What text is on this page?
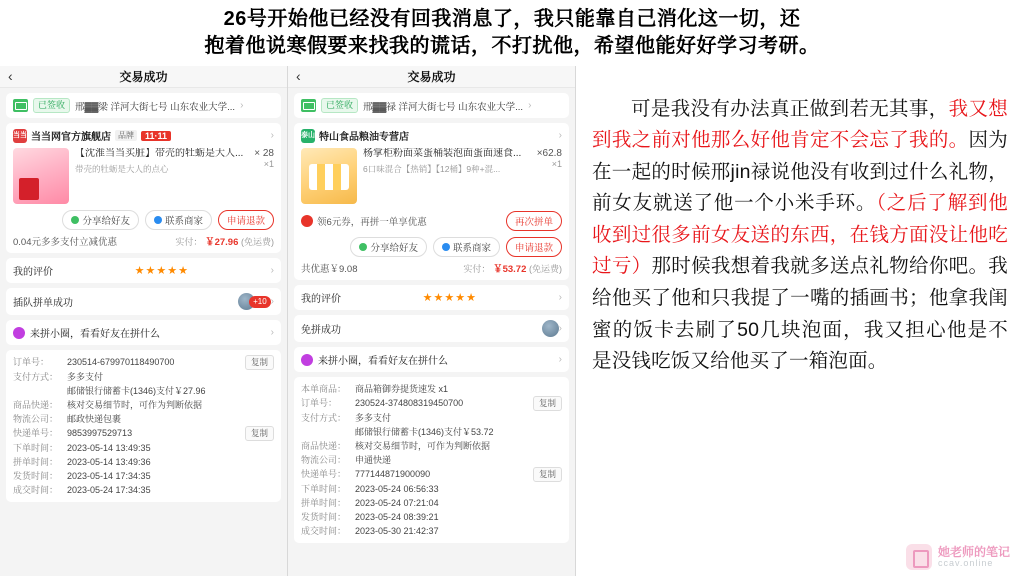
26号开始他已经没有回我消息了，我只能靠自己消化这一切，还
抱着他说寒假要来找我的谎话，不打扰他，希望他能好好学习考研。
‹	交易成功
已签收	邢▓▓梁 洋河大街七号 山东农业大学... ›
当当 当当网官方旗舰店 品牌	11·11	›
【沈淮当当买脏】带壳的牡蛎是大人...
带壳的牡蛎是大人的点心
× 28
×1
分享给好友	联系商家	申请退款
0.04元多多支付立减优惠	实付： ￥27.96 (免运费)
我的评价	★★★★★	›
插队拼单成功	+10 ›
来拼小圈，看看好友在拼什么	›
订单号：	230514-679970118490700	复制
支付方式： 多多支付
邮储银行储蓄卡(1346)支付￥27.96
商品快递： 核对交易细节时，可作为判断依据
物流公司： 邮政快递包裹
快递单号： 9853997529713	复制
下单时间： 2023-05-14 13:49:35
拼单时间： 2023-05-14 13:49:36
发货时间： 2023-05-14 17:34:35
成交时间： 2023-05-24 17:34:35
‹	交易成功
已签收	邢▓▓禄 洋河大街七号 山东农业大学... ›
泰山 特山食品粮油专营店	›
杨掌柜粉面菜蛋桶装泡面蛋面速食...
6口味混合【热销】【12桶】9种+混...
×62.8
×1
领6元券，再拼一单享优惠	再次拼单
分享给好友	联系商家	申请退款
共优惠￥9.08	实付： ￥53.72 (免运费)
我的评价	★★★★★	›
免拼成功	›
来拼小圈，看看好友在拼什么	›
本单商品： 商品箱御券提货速发 x1
订单号：	230524-374808319450700	复制
支付方式： 多多支付
邮储银行储蓄卡(1346)支付￥53.72
商品快递： 核对交易细节时，可作为判断依据
物流公司： 申通快递
快递单号： 777144871900090	复制
下单时间： 2023-05-24 06:56:33
拼单时间： 2023-05-24 07:21:04
发货时间： 2023-05-24 08:39:21
成交时间： 2023-05-30 21:42:37

可是我没有办法真正做到若无其事，我又想到我之前对他那么好他肯定不会忘了我的。因为在一起的时候邢jin禄说他没有收到过什么礼物，前女友就送了他一个小米手环。（之后了解到他收到过很多前女友送的东西，在钱方面没让他吃过亏）那时候我想着我就多送点礼物给你吧。我给他买了他和只我提了一嘴的插画书；他拿我闺蜜的饭卡去刷了50几块泡面，我又担心他是不是没钱吃饭又给他买了一箱泡面。

她老师的笔记
ccav.online
